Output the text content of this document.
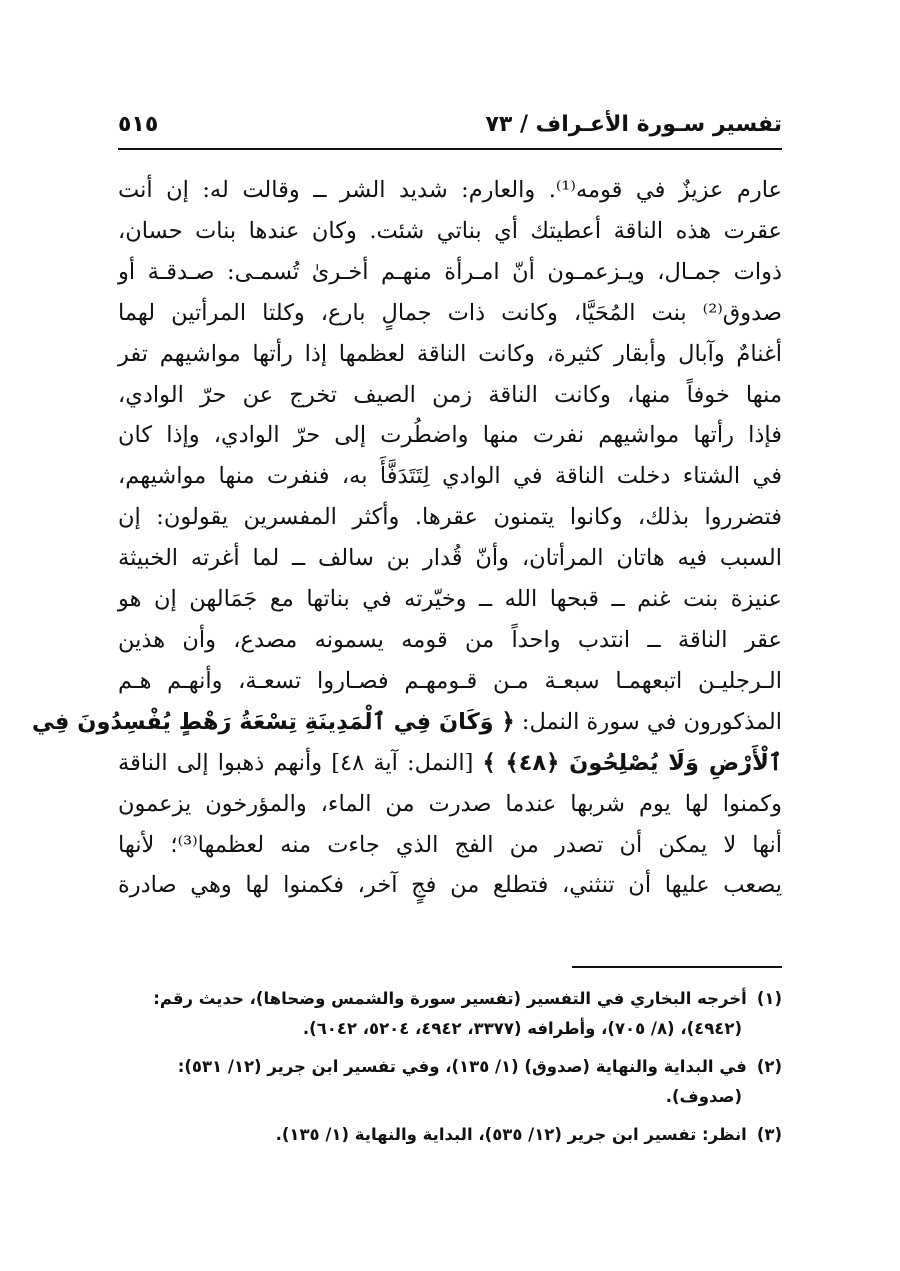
تفسير سـورة الأعـراف / ٧٣
٥١٥
عارم عزيزٌ في قومه⁽¹⁾. والعارم: شديد الشر ــ وقالت له: إن أنت
عقرت هذه الناقة أعطيتك أي بناتي شئت. وكان عندها بنات حسان،
ذوات جمـال، ويـزعمـون أنّ امـرأة منهـم أخـرىٰ تُسمـى: صـدقـة أو
صدوق⁽²⁾ بنت المُحَيَّا، وكانت ذات جمالٍ بارع، وكلتا المرأتين لهما
أغنامٌ وآبال وأبقار كثيرة، وكانت الناقة لعظمها إذا رأتها مواشيهم تفر
منها خوفاً منها، وكانت الناقة زمن الصيف تخرج عن حرّ الوادي،
فإذا رأتها مواشيهم نفرت منها واضطُرت إلى حرّ الوادي، وإذا كان
في الشتاء دخلت الناقة في الوادي لِتَتَدَفَّأَ به، فنفرت منها مواشيهم،
فتضرروا بذلك، وكانوا يتمنون عقرها. وأكثر المفسرين يقولون: إن
السبب فيه هاتان المرأتان، وأنّ قُدار بن سالف ــ لما أغرته الخبيثة
عنيزة بنت غنم ــ قبحها الله ــ وخيّرته في بناتها مع جَمَالهن إن هو
عقر الناقة ــ انتدب واحداً من قومه يسمونه مصدع، وأن هذين
الـرجليـن اتبعهمـا سبعـة مـن قـومهـم فصـاروا تسعـة، وأنهـم هـم
المذكورون في سورة النمل: ﴿ وَكَانَ فِي ٱلْمَدِينَةِ تِسْعَةُ رَهْطٍ يُفْسِدُونَ فِي
ٱلْأَرْضِ وَلَا يُصْلِحُونَ ﴿٤٨﴾ ﴾ [النمل: آية ٤٨] وأنهم ذهبوا إلى الناقة
وكمنوا لها يوم شربها عندما صدرت من الماء، والمؤرخون يزعمون
أنها لا يمكن أن تصدر من الفج الذي جاءت منه لعظمها⁽³⁾؛ لأنها
يصعب عليها أن تنثني، فتطلع من فجٍ آخر، فكمنوا لها وهي صادرة
(١)أخرجه البخاري في التفسير (تفسير سورة والشمس وضحاها)، حديث رقم:
(٤٩٤٢)، (٨/ ٧٠٥)، وأطرافه (٣٣٧٧، ٤٩٤٢، ٥٢٠٤، ٦٠٤٢).
(٢)في البداية والنهاية (صدوق) (١/ ١٣٥)، وفي تفسير ابن جرير (١٢/ ٥٣١):
(صدوف).
(٣)انظر: تفسير ابن جرير (١٢/ ٥٣٥)، البداية والنهاية (١/ ١٣٥).
